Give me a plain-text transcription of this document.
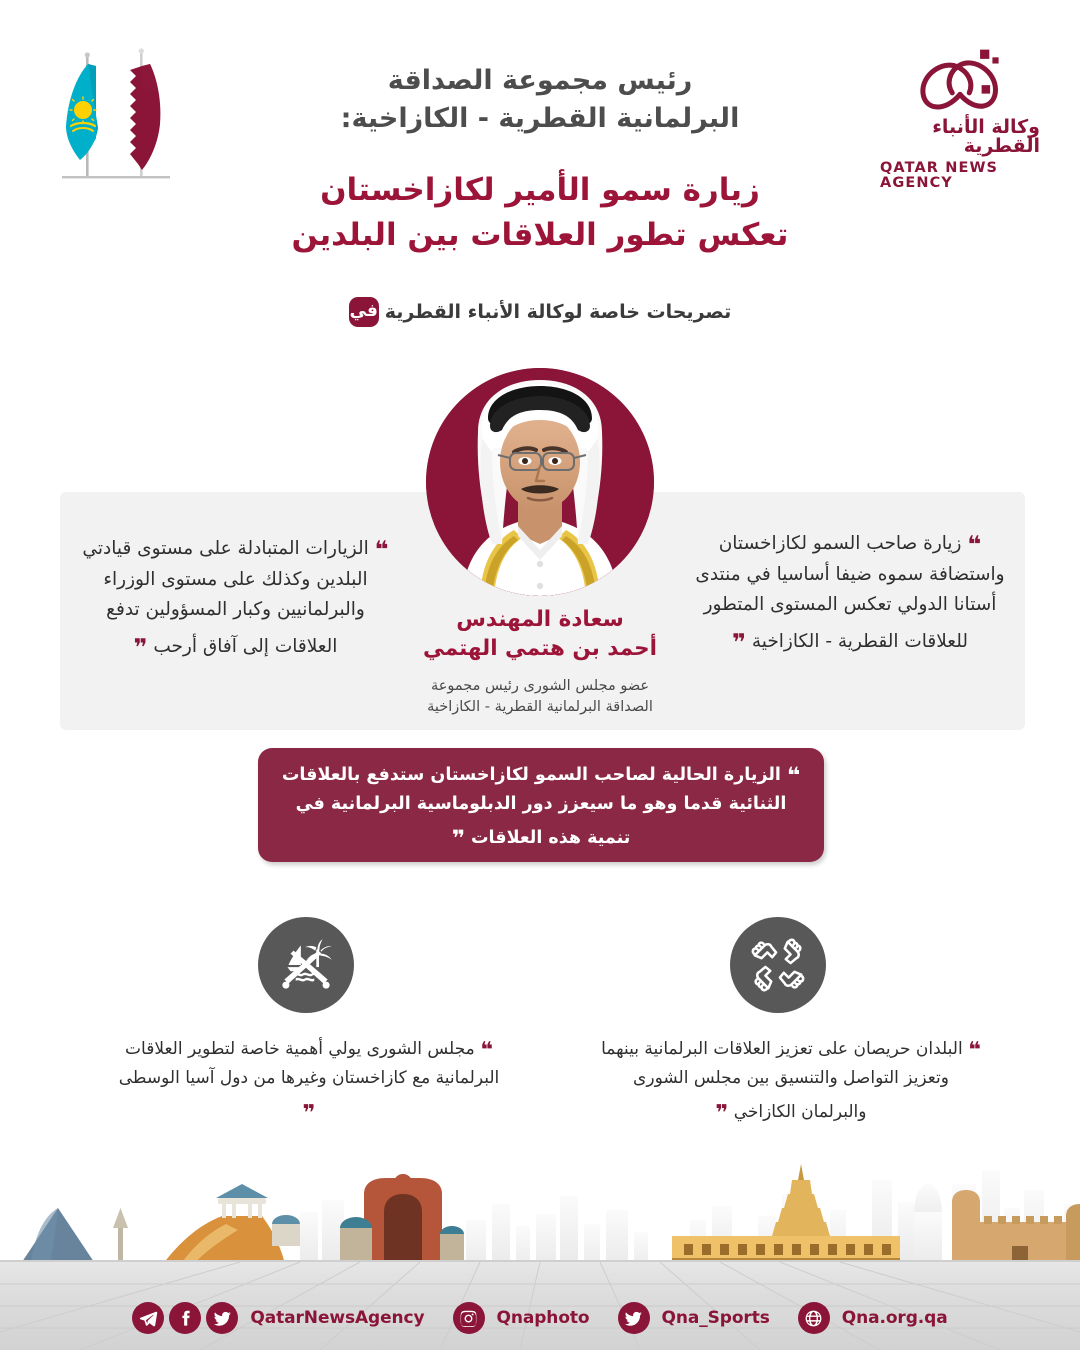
وكالة الأنباء القطرية
QATAR NEWS AGENCY
رئيس مجموعة الصداقة
البرلمانية القطرية - الكازاخية:
زيارة سمو الأمير لكازاخستان
تعكس تطور العلاقات بين البلدين
تصريحات خاصة لوكالة الأنباء القطرية
في
❝ الزيارات المتبادلة على مستوى قيادتي البلدين وكذلك على مستوى الوزراء والبرلمانيين وكبار المسؤولين تدفع العلاقات إلى آفاق أرحب ❞
❝ زيارة صاحب السمو لكازاخستان واستضافة سموه ضيفا أساسيا في منتدى أستانا الدولي تعكس المستوى المتطور للعلاقات القطرية - الكازاخية ❞
سعادة المهندس
أحمد بن هتمي الهتمي
عضو مجلس الشورى رئيس مجموعة
الصداقة البرلمانية القطرية - الكازاخية
❝ الزيارة الحالية لصاحب السمو لكازاخستان ستدفع بالعلاقات الثنائية قدما وهو ما سيعزز دور الدبلوماسية البرلمانية في تنمية هذه العلاقات ❞
❝ مجلس الشورى يولي أهمية خاصة لتطوير العلاقات البرلمانية مع كازاخستان وغيرها من دول آسيا الوسطى ❞
❝ البلدان حريصان على تعزيز العلاقات البرلمانية بينهما وتعزيز التواصل والتنسيق بين مجلس الشورى والبرلمان الكازاخي ❞
QatarNewsAgency	Qnaphoto	Qna_Sports	Qna.org.qa
